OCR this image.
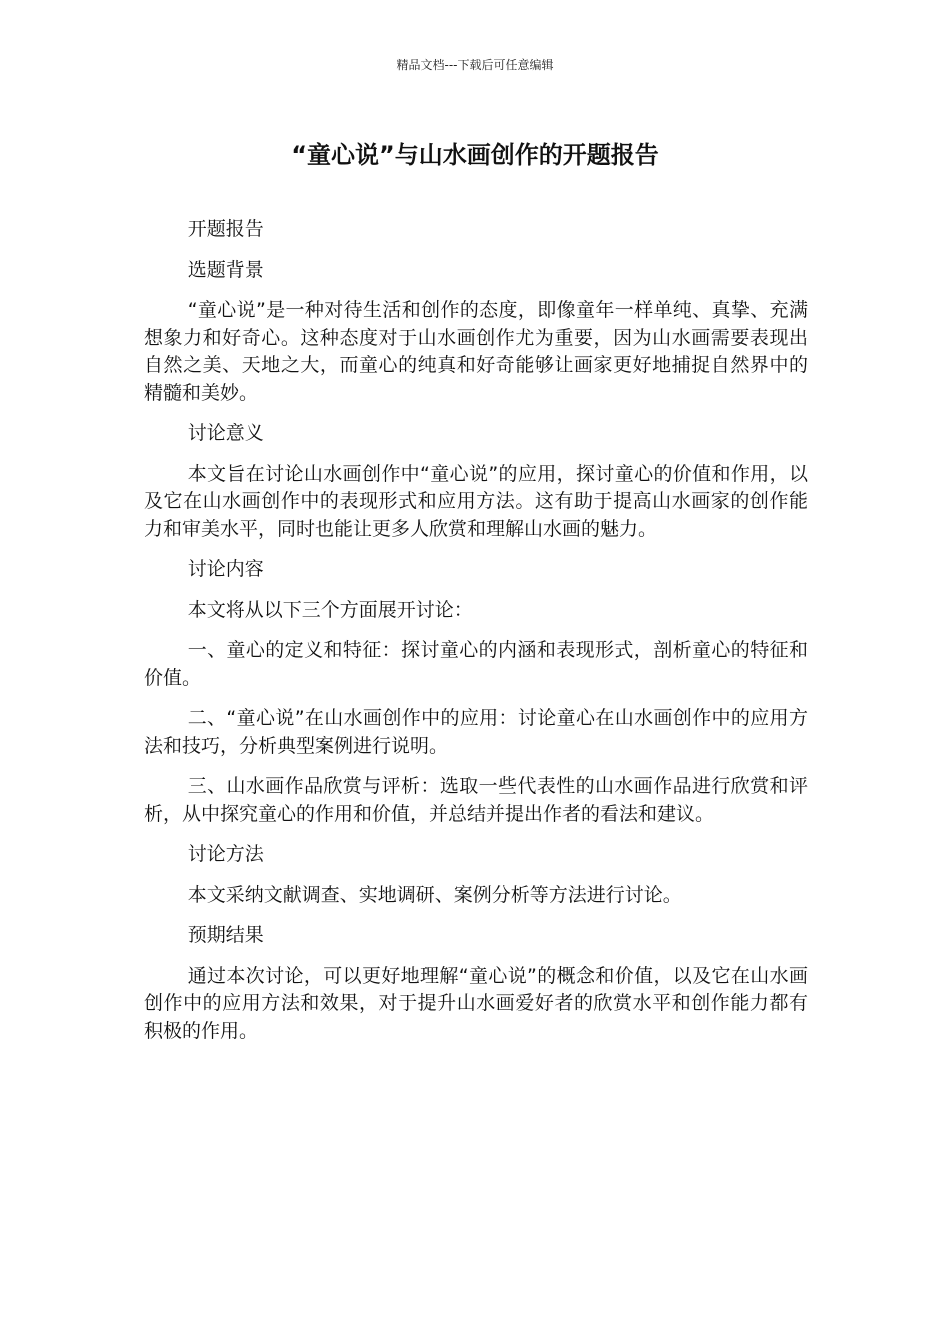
精品文档---下载后可任意编辑
“童心说”与山水画创作的开题报告

开题报告

选题背景

“童心说”是一种对待生活和创作的态度，即像童年一样单纯、真挚、充满想象力和好奇心。这种态度对于山水画创作尤为重要，因为山水画需要表现出自然之美、天地之大，而童心的纯真和好奇能够让画家更好地捕捉自然界中的精髓和美妙。

讨论意义

本文旨在讨论山水画创作中“童心说”的应用，探讨童心的价值和作用，以及它在山水画创作中的表现形式和应用方法。这有助于提高山水画家的创作能力和审美水平，同时也能让更多人欣赏和理解山水画的魅力。

讨论内容

本文将从以下三个方面展开讨论：

一、童心的定义和特征：探讨童心的内涵和表现形式，剖析童心的特征和价值。

二、“童心说”在山水画创作中的应用：讨论童心在山水画创作中的应用方法和技巧，分析典型案例进行说明。

三、山水画作品欣赏与评析：选取一些代表性的山水画作品进行欣赏和评析，从中探究童心的作用和价值，并总结并提出作者的看法和建议。

讨论方法

本文采纳文献调查、实地调研、案例分析等方法进行讨论。

预期结果

通过本次讨论，可以更好地理解“童心说”的概念和价值，以及它在山水画创作中的应用方法和效果，对于提升山水画爱好者的欣赏水平和创作能力都有积极的作用。
